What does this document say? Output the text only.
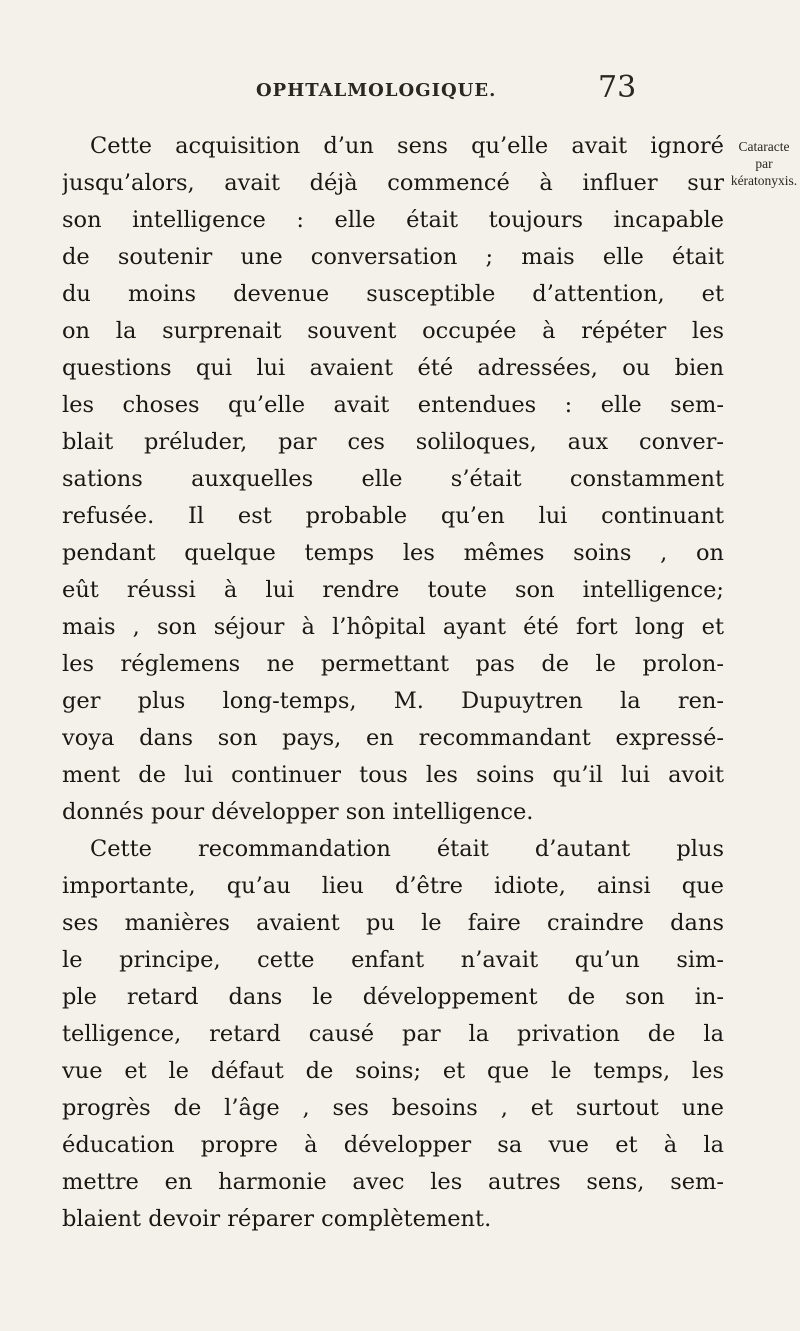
OPHTALMOLOGIQUE.	73
Cataracte
par
kératonyxis.
Cette acquisition d’un sens qu’elle avait ignoré
jusqu’alors, avait déjà commencé à influer sur
son intelligence : elle était toujours incapable
de soutenir une conversation ; mais elle était
du moins devenue susceptible d’attention, et
on la surprenait souvent occupée à répéter les
questions qui lui avaient été adressées, ou bien
les choses qu’elle avait entendues : elle sem-
blait préluder, par ces soliloques, aux conver-
sations auxquelles elle s’était constamment
refusée. Il est probable qu’en lui continuant
pendant quelque temps les mêmes soins , on
eût réussi à lui rendre toute son intelligence;
mais , son séjour à l’hôpital ayant été fort long et
les réglemens ne permettant pas de le prolon-
ger plus long-temps, M. Dupuytren la ren-
voya dans son pays, en recommandant expressé-
ment de lui continuer tous les soins qu’il lui avoit
donnés pour développer son intelligence.
Cette recommandation était d’autant plus
importante, qu’au lieu d’être idiote, ainsi que
ses manières avaient pu le faire craindre dans
le principe, cette enfant n’avait qu’un sim-
ple retard dans le développement de son in-
telligence, retard causé par la privation de la
vue et le défaut de soins; et que le temps, les
progrès de l’âge , ses besoins , et surtout une
éducation propre à développer sa vue et à la
mettre en harmonie avec les autres sens, sem-
blaient devoir réparer complètement.
